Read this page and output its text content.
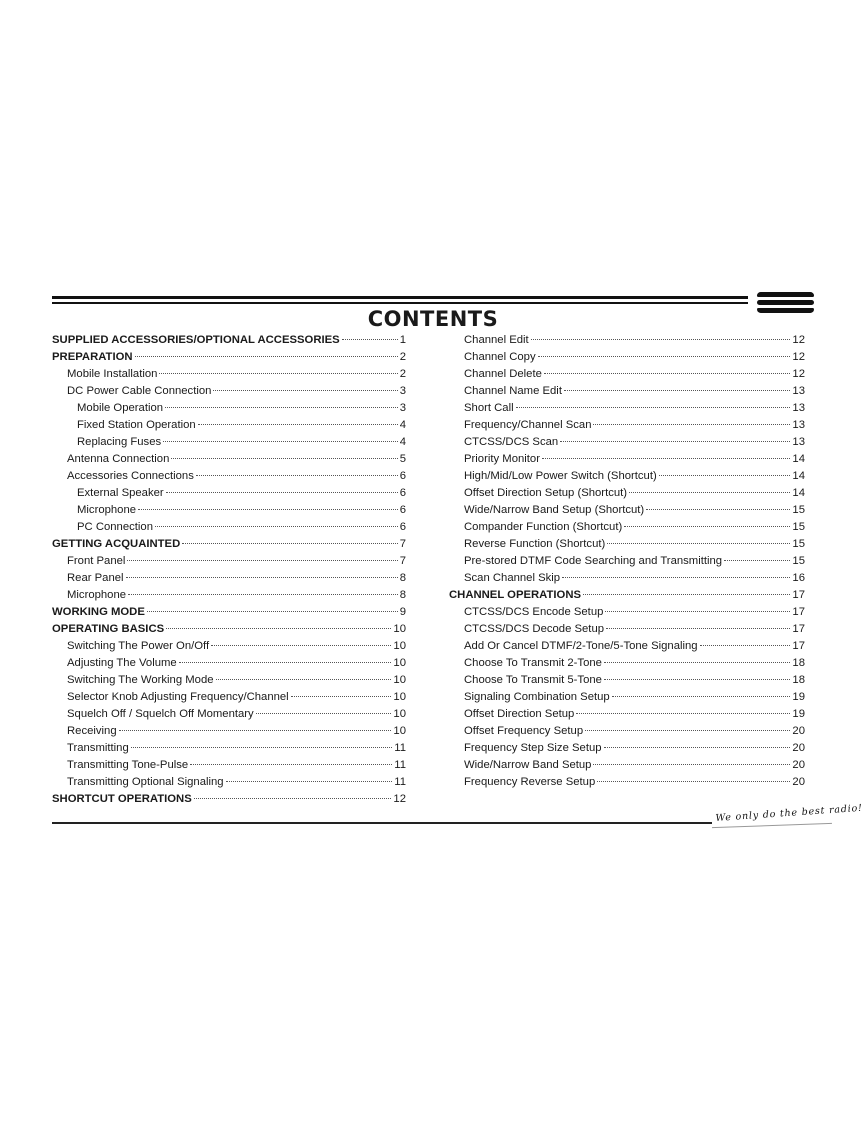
CONTENTS
SUPPLIED ACCESSORIES/OPTIONAL ACCESSORIES	1
PREPARATION	2
Mobile Installation	2
DC Power Cable Connection	3
Mobile Operation	3
Fixed Station Operation	4
Replacing Fuses	4
Antenna Connection	5
Accessories Connections	6
External Speaker	6
Microphone	6
PC Connection	6
GETTING ACQUAINTED	7
Front Panel	7
Rear Panel	8
Microphone	8
WORKING MODE	9
OPERATING BASICS	10
Switching The Power On/Off	10
Adjusting The Volume	10
Switching The Working Mode	10
Selector Knob Adjusting Frequency/Channel	10
Squelch Off / Squelch Off Momentary	10
Receiving	10
Transmitting	11
Transmitting Tone-Pulse	11
Transmitting Optional Signaling	11
SHORTCUT OPERATIONS	12
Channel Edit	12
Channel Copy	12
Channel Delete	12
Channel Name Edit	13
Short Call	13
Frequency/Channel Scan	13
CTCSS/DCS Scan	13
Priority Monitor	14
High/Mid/Low Power Switch (Shortcut)	14
Offset Direction Setup (Shortcut)	14
Wide/Narrow Band Setup (Shortcut)	15
Compander Function (Shortcut)	15
Reverse Function (Shortcut)	15
Pre-stored DTMF Code Searching and Transmitting	15
Scan Channel Skip	16
CHANNEL OPERATIONS	17
CTCSS/DCS Encode Setup	17
CTCSS/DCS Decode Setup	17
Add Or Cancel DTMF/2-Tone/5-Tone Signaling	17
Choose To Transmit 2-Tone	18
Choose To Transmit 5-Tone	18
Signaling Combination Setup	19
Offset Direction Setup	19
Offset Frequency Setup	20
Frequency Step Size Setup	20
Wide/Narrow Band Setup	20
Frequency Reverse Setup	20
We only do the best radio!
